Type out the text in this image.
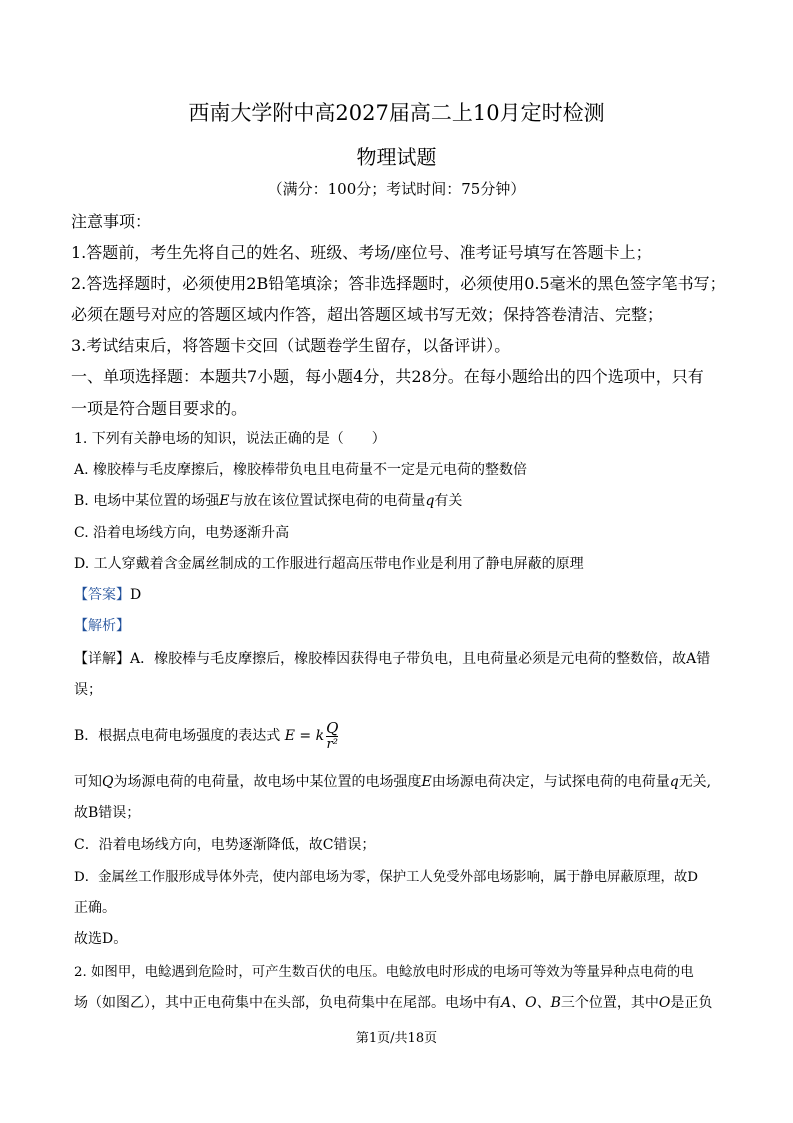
西南大学附中高2027届高二上10月定时检测
物理试题
（满分：100分；考试时间：75分钟）
注意事项：
1.答题前，考生先将自己的姓名、班级、考场/座位号、准考证号填写在答题卡上；
2.答选择题时，必须使用2B铅笔填涂；答非选择题时，必须使用0.5毫米的黑色签字笔书写；
必须在题号对应的答题区域内作答，超出答题区域书写无效；保持答卷清洁、完整；
3.考试结束后，将答题卡交回（试题卷学生留存，以备评讲）。
一、单项选择题：本题共7小题，每小题4分，共28分。在每小题给出的四个选项中，只有
一项是符合题目要求的。
1. 下列有关静电场的知识，说法正确的是（　　）
A. 橡胶棒与毛皮摩擦后，橡胶棒带负电且电荷量不一定是元电荷的整数倍
B. 电场中某位置的场强E与放在该位置试探电荷的电荷量q有关
C. 沿着电场线方向，电势逐渐升高
D. 工人穿戴着含金属丝制成的工作服进行超高压带电作业是利用了静电屏蔽的原理
【答案】D
【解析】
【详解】A．橡胶棒与毛皮摩擦后，橡胶棒因获得电子带负电，且电荷量必须是元电荷的整数倍，故A错
误；
B．根据点电荷电场强度的表达式 E = k $\frac{Q}{\text{r²}}$
可知Q为场源电荷的电荷量，故电场中某位置的电场强度E由场源电荷决定，与试探电荷的电荷量q无关,
故B错误；
C．沿着电场线方向，电势逐渐降低，故C错误；
D．金属丝工作服形成导体外壳，使内部电场为零，保护工人免受外部电场影响，属于静电屏蔽原理，故D
正确。
故选D。
2. 如图甲，电鲶遇到危险时，可产生数百伏的电压。电鲶放电时形成的电场可等效为等量异种点电荷的电
场（如图乙），其中正电荷集中在头部，负电荷集中在尾部。电场中有A、O、B三个位置，其中O是正负
第1页/共18页
